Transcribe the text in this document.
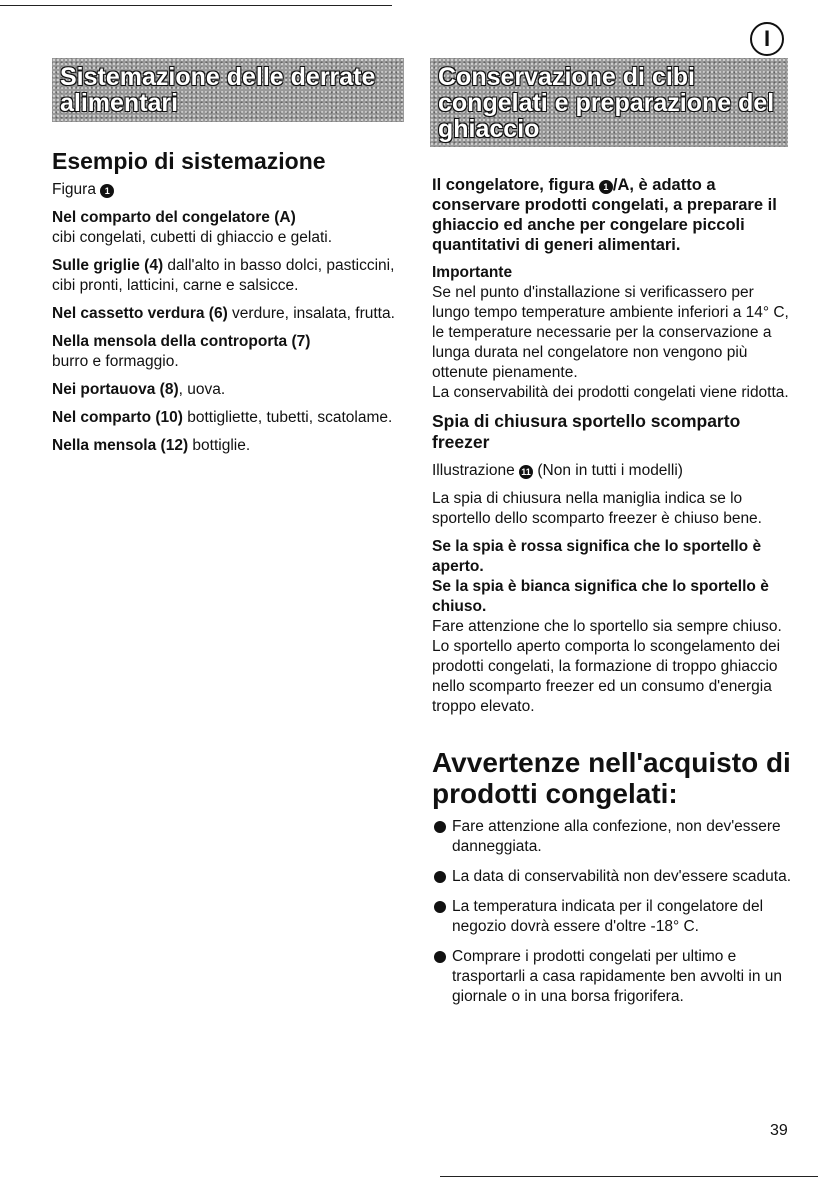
I
Sistemazione delle derrate alimentari
Conservazione di cibi congelati e preparazione del ghiaccio
Esempio di sistemazione

Figura 1

Nel comparto del congelatore (A)
cibi congelati, cubetti di ghiaccio e gelati.

Sulle griglie (4) dall'alto in basso dolci, pasticcini, cibi pronti, latticini, carne e salsicce.

Nel cassetto verdura (6) verdure, insalata, frutta.

Nella mensola della controporta (7)
burro e formaggio.

Nei portauova (8), uova.

Nel comparto (10) bottigliette, tubetti, scatolame.

Nella mensola (12) bottiglie.

Il congelatore, figura 1 /A, è adatto a conservare prodotti congelati, a preparare il ghiaccio ed anche per congelare piccoli quantitativi di generi alimentari.

Importante
Se nel punto d'installazione si verificassero per lungo tempo temperature ambiente inferiori a 14° C, le temperature necessarie per la conservazione a lunga durata nel congelatore non vengono più ottenute pienamente.

La conservabilità dei prodotti congelati viene ridotta.

Spia di chiusura sportello scomparto freezer

Illustrazione 11 (Non in tutti i modelli)

La spia di chiusura nella maniglia indica se lo sportello dello scomparto freezer è chiuso bene.

Se la spia è rossa significa che lo sportello è aperto.

Se la spia è bianca significa che lo sportello è chiuso.

Fare attenzione che lo sportello sia sempre chiuso. Lo sportello aperto comporta lo scongelamento dei prodotti congelati, la formazione di troppo ghiaccio nello scomparto freezer ed un consumo d'energia troppo elevato.

Avvertenze nell'acquisto di prodotti congelati:
Fare attenzione alla confezione, non dev'essere danneggiata.
La data di conservabilità non dev'essere scaduta.
La temperatura indicata per il congelatore del negozio dovrà essere d'oltre -18° C.
Comprare i prodotti congelati per ultimo e trasportarli a casa rapidamente ben avvolti in un giornale o in una borsa frigorifera.
39
